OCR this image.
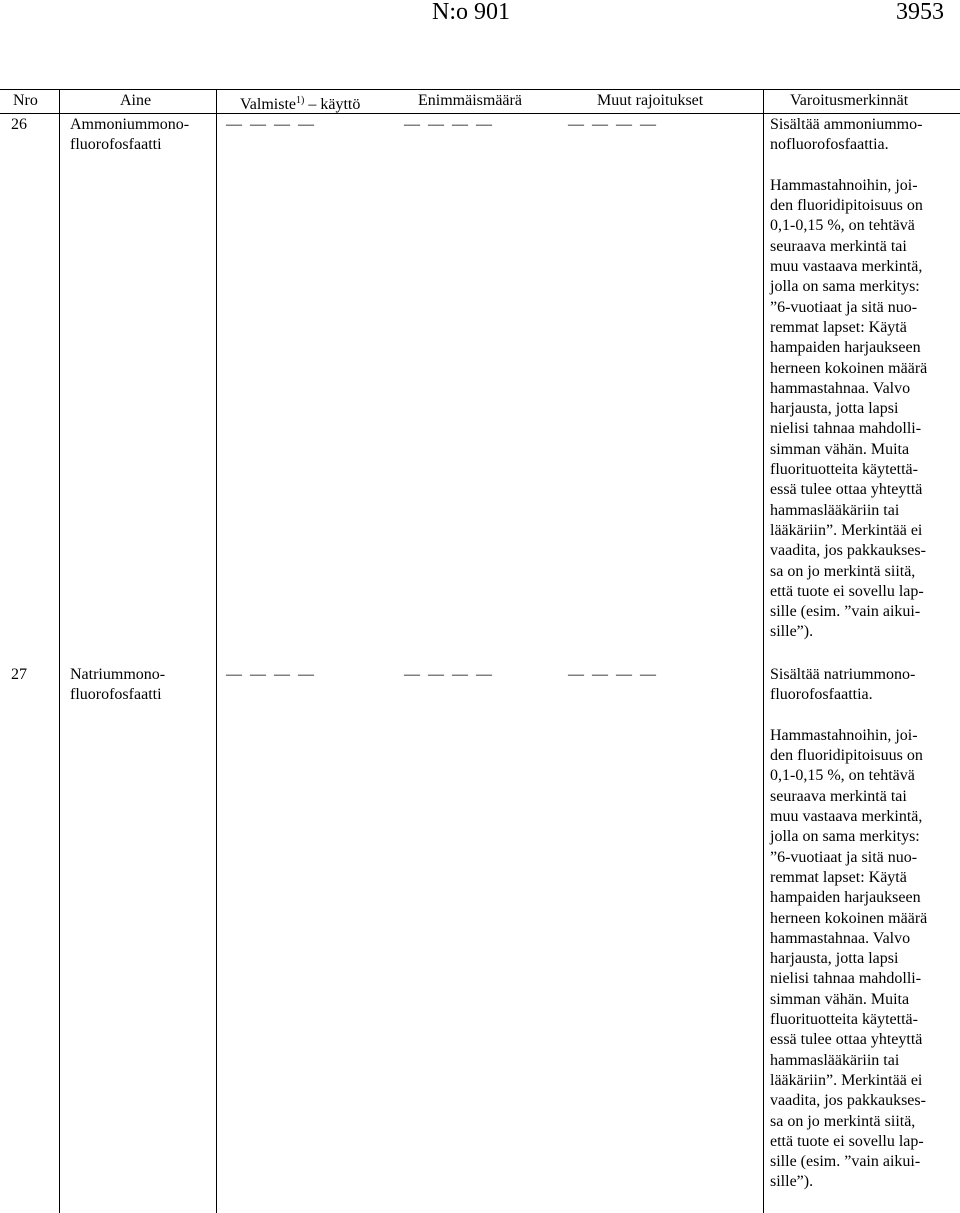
N:o 901	3953
Nro	Aine	Valmiste$^{1)}$ – käyttö	Enimmäismäärä	Muut rajoitukset	Varoitusmerkinnät
26	Ammoniummono-
fluorofosfaatti
— — — —	— — — —	— — — —	Sisältää ammoniummo-
nofluorofosfaattia.
Hammastahnoihin, joi-
den fluoridipitoisuus on
0,1-0,15 %, on tehtävä
seuraava merkintä tai
muu vastaava merkintä,
jolla on sama merkitys:
”6-vuotiaat ja sitä nuo-
remmat lapset: Käytä
hampaiden harjaukseen
herneen kokoinen määrä
hammastahnaa. Valvo
harjausta, jotta lapsi
nielisi tahnaa mahdolli-
simman vähän. Muita
fluorituotteita käytettä-
essä tulee ottaa yhteyttä
hammaslääkäriin tai
lääkäriin”. Merkintää ei
vaadita, jos pakkaukses-
sa on jo merkintä siitä,
että tuote ei sovellu lap-
sille (esim. ”vain aikui-
sille”).
27	Natriummono-
fluorofosfaatti
— — — —	— — — —	— — — —	Sisältää natriummono-
fluorofosfaattia.
Hammastahnoihin, joi-
den fluoridipitoisuus on
0,1-0,15 %, on tehtävä
seuraava merkintä tai
muu vastaava merkintä,
jolla on sama merkitys:
”6-vuotiaat ja sitä nuo-
remmat lapset: Käytä
hampaiden harjaukseen
herneen kokoinen määrä
hammastahnaa. Valvo
harjausta, jotta lapsi
nielisi tahnaa mahdolli-
simman vähän. Muita
fluorituotteita käytettä-
essä tulee ottaa yhteyttä
hammaslääkäriin tai
lääkäriin”. Merkintää ei
vaadita, jos pakkaukses-
sa on jo merkintä siitä,
että tuote ei sovellu lap-
sille (esim. ”vain aikui-
sille”).
